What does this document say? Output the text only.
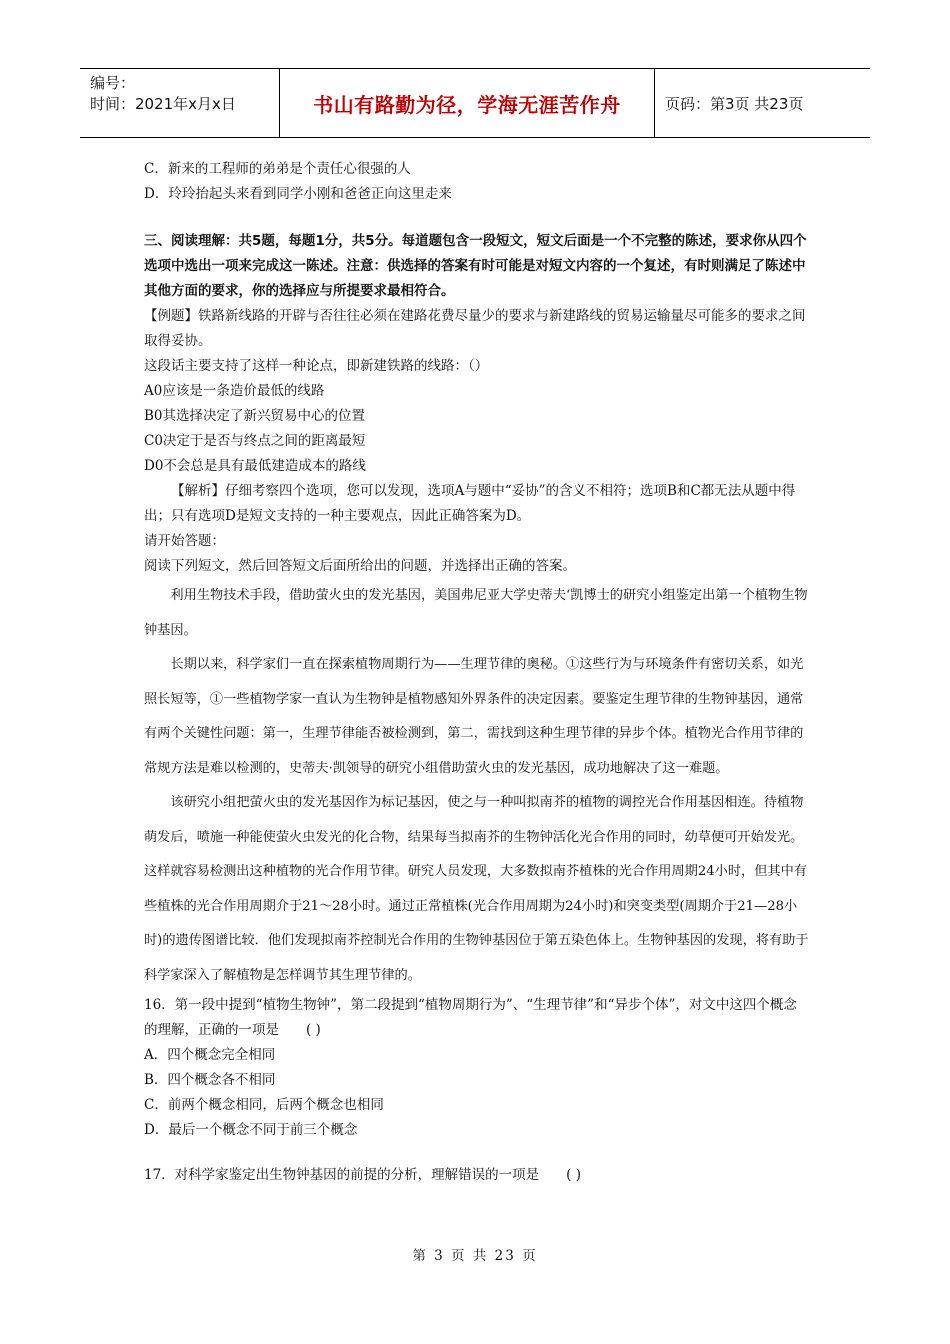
编号：
时间：2021年x月x日	书山有路勤为径，学海无涯苦作舟	页码：第3页 共23页
C．新来的工程师的弟弟是个责任心很强的人
D．玲玲抬起头来看到同学小刚和爸爸正向这里走来
三、阅读理解：共5题，每题1分，共5分。每道题包含一段短文，短文后面是一个不完整的陈述，要求你从四个选项中选出一项来完成这一陈述。注意：供选择的答案有时可能是对短文内容的一个复述，有时则满足了陈述中其他方面的要求，你的选择应与所提要求最相符合。
【例题】铁路新线路的开辟与否往往必须在建路花费尽量少的要求与新建路线的贸易运输量尽可能多的要求之间取得妥协。
这段话主要支持了这样一种论点，即新建铁路的线路：（）
A0应该是一条造价最低的线路
B0其选择决定了新兴贸易中心的位置
C0决定于是否与终点之间的距离最短
D0不会总是具有最低建造成本的路线
【解析】仔细考察四个选项，您可以发现，选项A与题中“妥协”的含义不相符；选项B和C都无法从题中得出；只有选项D是短文支持的一种主要观点，因此正确答案为D。
请开始答题：
阅读下列短文，然后回答短文后面所给出的问题，并选择出正确的答案。
利用生物技术手段，借助萤火虫的发光基因，美国弗尼亚大学史蒂夫‘凯博士的研究小组鉴定出第一个植物生物钟基因。
长期以来，科学家们一直在探索植物周期行为——生理节律的奥秘。①这些行为与环境条件有密切关系，如光照长短等，①一些植物学家一直认为生物钟是植物感知外界条件的决定因素。要鉴定生理节律的生物钟基因，通常有两个关键性问题：第一，生理节律能否被检测到，第二，需找到这种生理节律的异步个体。植物光合作用节律的常规方法是难以检测的，史蒂夫·凯领导的研究小组借助萤火虫的发光基因，成功地解决了这一难题。
该研究小组把萤火虫的发光基因作为标记基因，使之与一种叫拟南芥的植物的调控光合作用基因相连。待植物萌发后，喷施一种能使萤火虫发光的化合物，结果每当拟南芥的生物钟活化光合作用的同时，幼草便可开始发光。这样就容易检测出这种植物的光合作用节律。研究人员发现，大多数拟南芥植株的光合作用周期24小时，但其中有些植株的光合作用周期介于21～28小时。通过正常植株(光合作用周期为24小时)和突变类型(周期介于21—28小时)的遗传图谱比较．他们发现拟南芥控制光合作用的生物钟基因位于第五染色体上。生物钟基因的发现，将有助于科学家深入了解植物是怎样调节其生理节律的。
16．第一段中提到“植物生物钟”，第二段提到“植物周期行为”、“生理节律”和“异步个体”，对文中这四个概念的理解，正确的一项是　　( )
A．四个概念完全相同
B．四个概念各不相同
C．前两个概念相同，后两个概念也相同
D．最后一个概念不同于前三个概念
17．对科学家鉴定出生物钟基因的前提的分析，理解错误的一项是　　( )
第 3 页 共 23 页
